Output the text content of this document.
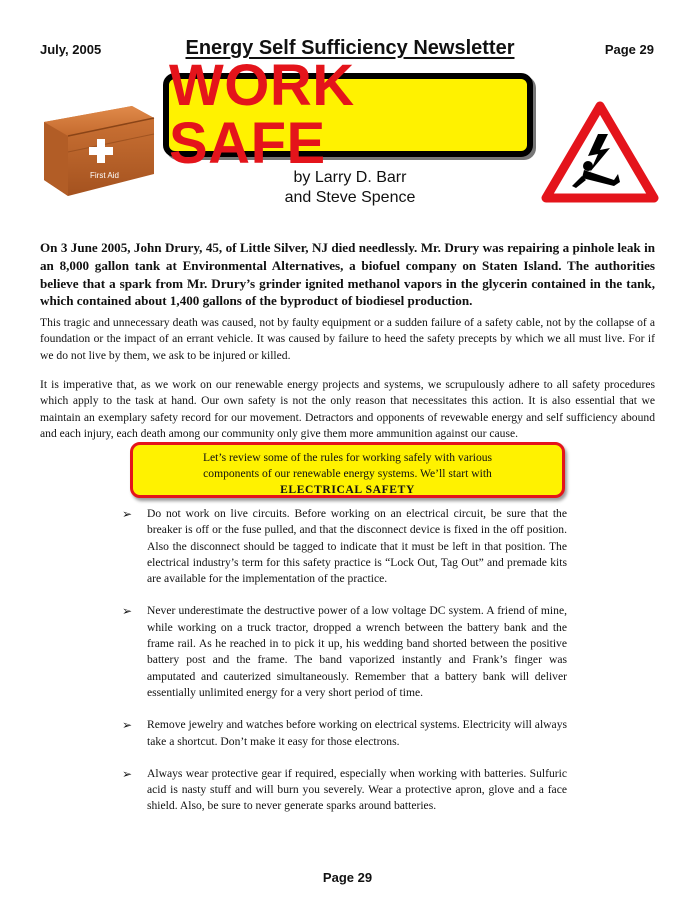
July, 2005	Energy Self Sufficiency Newsletter	Page 29
First Aid
WORK SAFE
by Larry D. Barr
and Steve Spence
On 3 June 2005, John Drury, 45, of Little Silver, NJ died needlessly. Mr. Drury was repairing a pinhole leak in an 8,000 gallon tank at Environmental Alternatives, a biofuel company on Staten Island. The authorities believe that a spark from Mr. Drury’s grinder ignited methanol vapors in the glycerin contained in the tank, which contained about 1,400 gallons of the byproduct of biodiesel production.
This tragic and unnecessary death was caused, not by faulty equipment or a sudden failure of a safety cable, not by the collapse of a foundation or the impact of an errant vehicle. It was caused by failure to heed the safety precepts by which we all must live. For if we do not live by them, we ask to be injured or killed.
It is imperative that, as we work on our renewable energy projects and systems, we scrupulously adhere to all safety procedures which apply to the task at hand. Our own safety is not the only reason that necessitates this action. It is also essential that we maintain an exemplary safety record for our movement. Detractors and opponents of revewable energy and self sufficiency abound and each injury, each death among our community only give them more ammunition against our cause.
Let’s review some of the rules for working safely with various
components of our renewable energy systems. We’ll start with
ELECTRICAL SAFETY
➢ Do not work on live circuits. Before working on an electrical circuit, be sure that the breaker is off or the fuse pulled, and that the disconnect device is fixed in the off position. Also the disconnect should be tagged to indicate that it must be left in that position. The electrical industry’s term for this safety practice is “Lock Out, Tag Out” and premade kits are available for the implementation of the practice.
➢ Never underestimate the destructive power of a low voltage DC system. A friend of mine, while working on a truck tractor, dropped a wrench between the battery bank and the frame rail. As he reached in to pick it up, his wedding band shorted between the positive battery post and the frame. The band vaporized instantly and Frank’s finger was amputated and cauterized simultaneously. Remember that a battery bank will deliver essentially unlimited energy for a very short period of time.
➢ Remove jewelry and watches before working on electrical systems. Electricity will always take a shortcut. Don’t make it easy for those electrons.
➢ Always wear protective gear if required, especially when working with batteries. Sulfuric acid is nasty stuff and will burn you severely. Wear a protective apron, glove and a face shield. Also, be sure to never generate sparks around batteries.
Page 29
